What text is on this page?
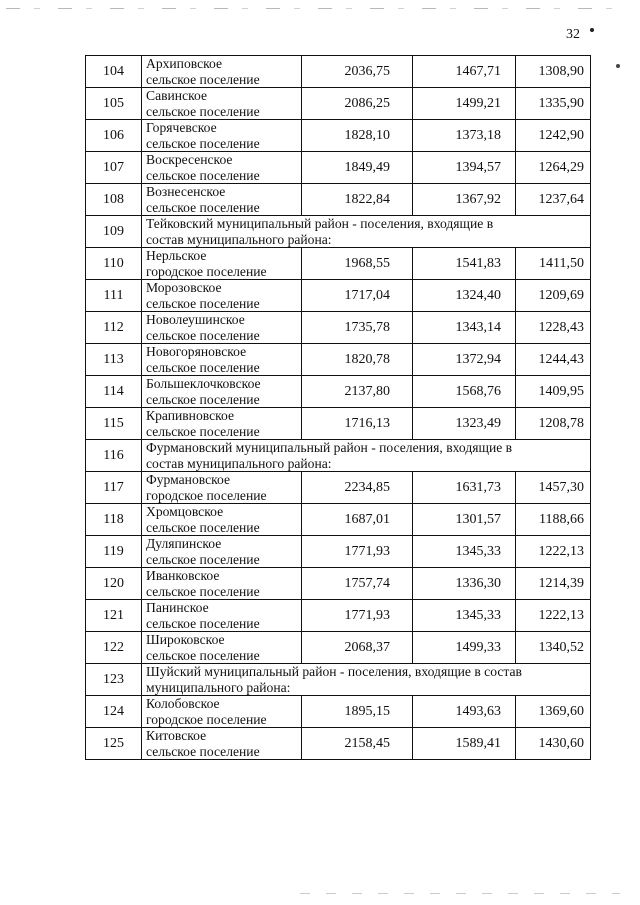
32
104	Архиповское
сельское поселение	2036,75	1467,71	1308,90
105	Савинское
сельское поселение	2086,25	1499,21	1335,90
106	Горячевское
сельское поселение	1828,10	1373,18	1242,90
107	Воскресенское
сельское поселение	1849,49	1394,57	1264,29
108	Вознесенское
сельское поселение	1822,84	1367,92	1237,64
109	Тейковский муниципальный район - поселения, входящие в
состав муниципального района:			

110	Нерльское
городское поселение	1968,55	1541,83	1411,50
111	Морозовское
сельское поселение	1717,04	1324,40	1209,69
112	Новолеушинское
сельское поселение	1735,78	1343,14	1228,43
113	Новогоряновское
сельское поселение	1820,78	1372,94	1244,43
114	Большеклочковское
сельское поселение	2137,80	1568,76	1409,95
115	Крапивновское
сельское поселение	1716,13	1323,49	1208,78
116	Фурмановский муниципальный район - поселения, входящие в
состав муниципального района:			

117	Фурмановское
городское поселение	2234,85	1631,73	1457,30
118	Хромцовское
сельское поселение	1687,01	1301,57	1188,66
119	Дуляпинское
сельское поселение	1771,93	1345,33	1222,13
120	Иванковское
сельское поселение	1757,74	1336,30	1214,39
121	Панинское
сельское поселение	1771,93	1345,33	1222,13
122	Широковское
сельское поселение	2068,37	1499,33	1340,52
123	Шуйский муниципальный район - поселения, входящие в состав
муниципального района:			

124	Колобовское
городское поселение	1895,15	1493,63	1369,60
125	Китовское
сельское поселение	2158,45	1589,41	1430,60
